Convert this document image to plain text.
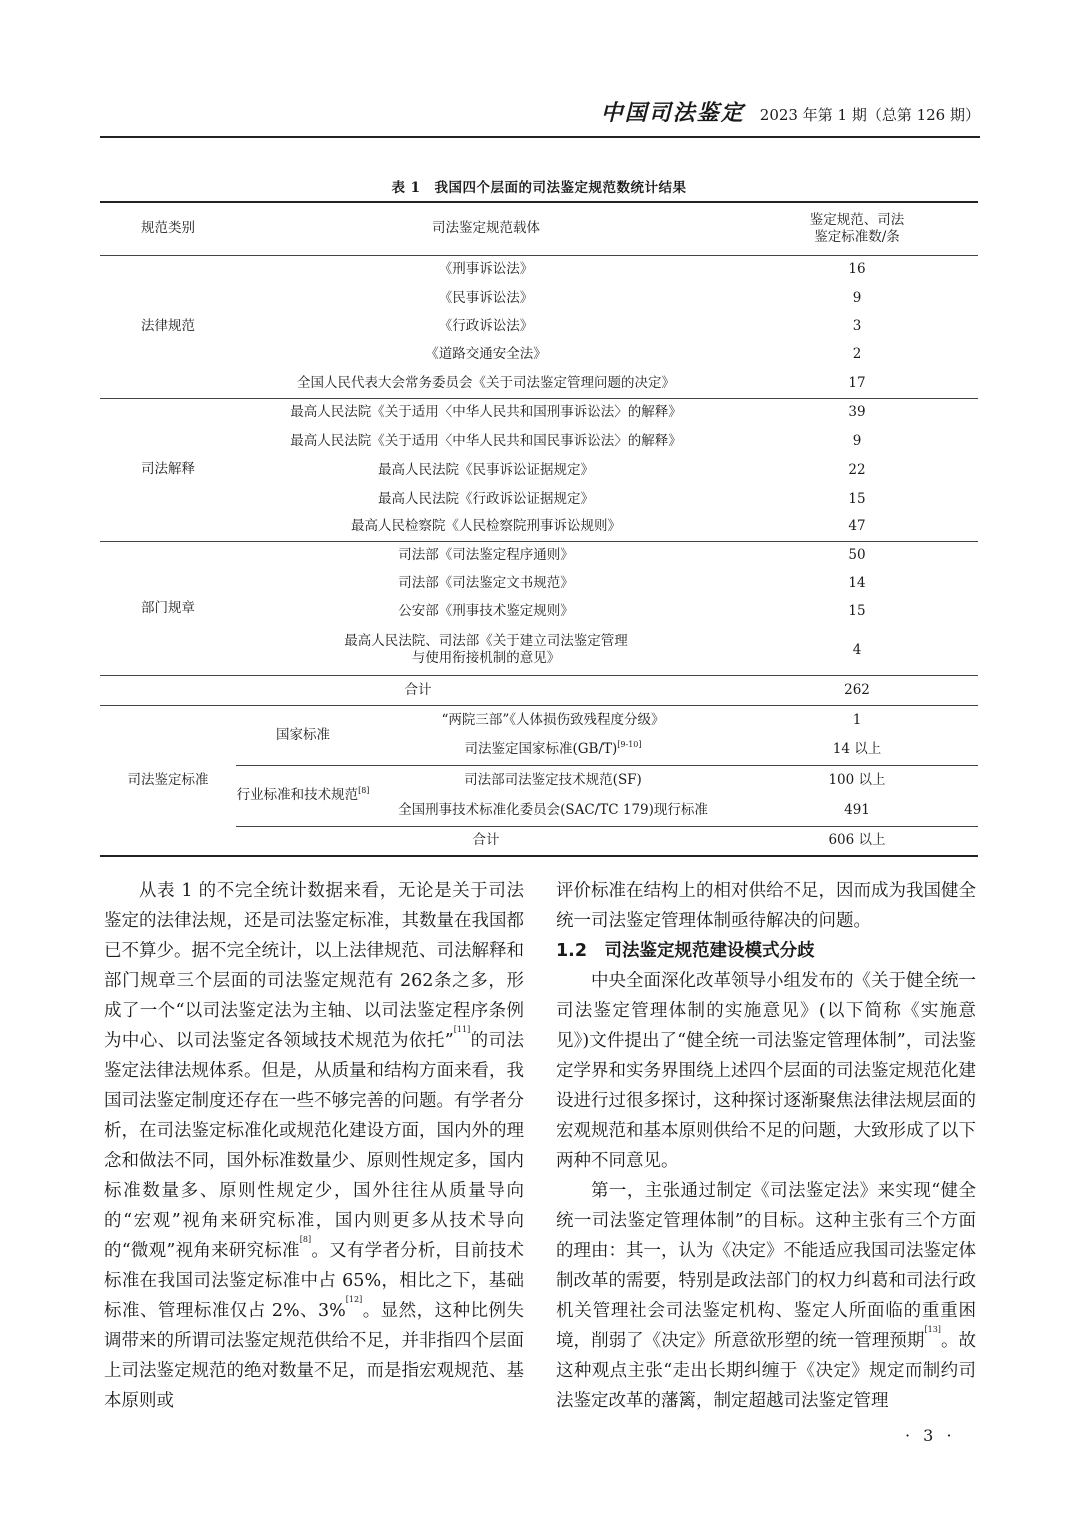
中国司法鉴定 2023 年第 1 期（总第 126 期）
表 1　我国四个层面的司法鉴定规范数统计结果
规范类别	司法鉴定规范载体		鉴定规范、司法
鉴定标准数/条
法律规范	《刑事诉讼法》		16
	《民事诉讼法》		9
	《行政诉讼法》		3
	《道路交通安全法》		2
	全国人民代表大会常务委员会《关于司法鉴定管理问题的决定》		17
司法解释	最高人民法院《关于适用〈中华人民共和国刑事诉讼法〉的解释》		39
	最高人民法院《关于适用〈中华人民共和国民事诉讼法〉的解释》		9
	最高人民法院《民事诉讼证据规定》		22
	最高人民法院《行政诉讼证据规定》		15
	最高人民检察院《人民检察院刑事诉讼规则》		47
部门规章	司法部《司法鉴定程序通则》		50
	司法部《司法鉴定文书规范》		14
	公安部《刑事技术鉴定规则》		15
	最高人民法院、司法部《关于建立司法鉴定管理
与使用衔接机制的意见》		4
合计			262
司法鉴定标准	国家标准	“两院三部”《人体损伤致残程度分级》	1
		司法鉴定国家标准(GB/T)[9-10]	14 以上
	行业标准和技术规范[8]	司法部司法鉴定技术规范(SF)	100 以上
		全国刑事技术标准化委员会(SAC/TC 179)现行标准	491
	合计		606 以上

从表 1 的不完全统计数据来看，无论是关于司法鉴定的法律法规，还是司法鉴定标准，其数量在我国都已不算少。据不完全统计，以上法律规范、司法解释和部门规章三个层面的司法鉴定规范有 262条之多，形成了一个“以司法鉴定法为主轴、以司法鉴定程序条例为中心、以司法鉴定各领域技术规范为依托”[11]的司法鉴定法律法规体系。但是，从质量和结构方面来看，我国司法鉴定制度还存在一些不够完善的问题。有学者分析，在司法鉴定标准化或规范化建设方面，国内外的理念和做法不同，国外标准数量少、原则性规定多，国内标准数量多、原则性规定少，国外往往从质量导向的“宏观”视角来研究标准，国内则更多从技术导向的“微观”视角来研究标准[8]。又有学者分析，目前技术标准在我国司法鉴定标准中占 65%，相比之下，基础标准、管理标准仅占 2%、3%[12]。显然，这种比例失调带来的所谓司法鉴定规范供给不足，并非指四个层面上司法鉴定规范的绝对数量不足，而是指宏观规范、基本原则或

评价标准在结构上的相对供给不足，因而成为我国健全统一司法鉴定管理体制亟待解决的问题。

1.2　司法鉴定规范建设模式分歧

中央全面深化改革领导小组发布的《关于健全统一司法鉴定管理体制的实施意见》(以下简称《实施意见》)文件提出了“健全统一司法鉴定管理体制”，司法鉴定学界和实务界围绕上述四个层面的司法鉴定规范化建设进行过很多探讨，这种探讨逐渐聚焦法律法规层面的宏观规范和基本原则供给不足的问题，大致形成了以下两种不同意见。

第一，主张通过制定《司法鉴定法》来实现“健全统一司法鉴定管理体制”的目标。这种主张有三个方面的理由：其一，认为《决定》不能适应我国司法鉴定体制改革的需要，特别是政法部门的权力纠葛和司法行政机关管理社会司法鉴定机构、鉴定人所面临的重重困境，削弱了《决定》所意欲形塑的统一管理预期[13]。故这种观点主张“走出长期纠缠于《决定》规定而制约司法鉴定改革的藩篱，制定超越司法鉴定管理

· 3 ·
